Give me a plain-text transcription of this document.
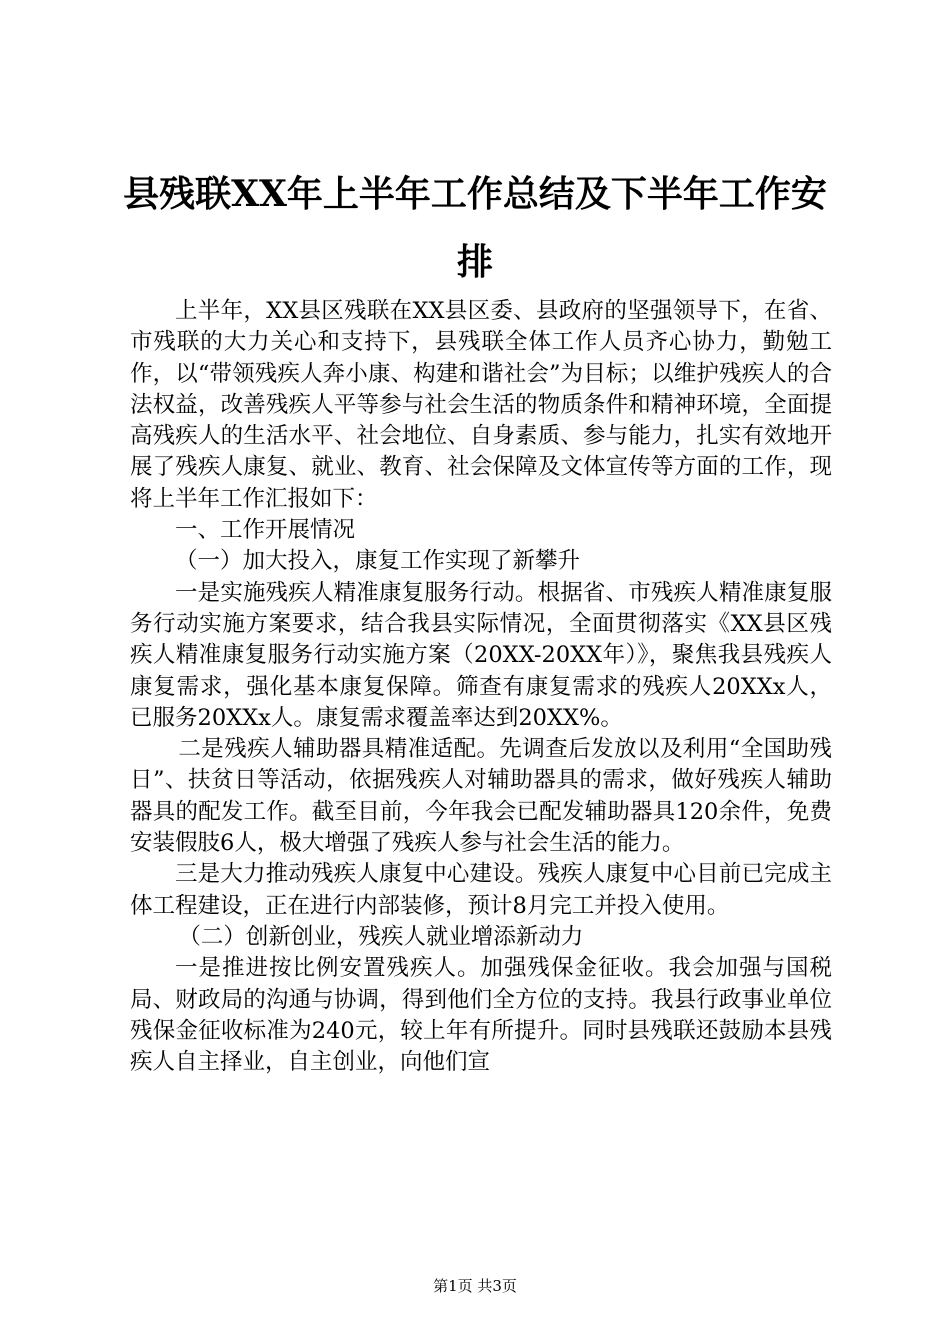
县残联XX年上半年工作总结及下半年工作安排

上半年，XX县区残联在XX县区委、县政府的坚强领导下，在省、市残联的大力关心和支持下，县残联全体工作人员齐心协力，勤勉工作，以“带领残疾人奔小康、构建和谐社会”为目标；以维护残疾人的合法权益，改善残疾人平等参与社会生活的物质条件和精神环境，全面提高残疾人的生活水平、社会地位、自身素质、参与能力，扎实有效地开展了残疾人康复、就业、教育、社会保障及文体宣传等方面的工作，现将上半年工作汇报如下：

一、工作开展情况

（一）加大投入，康复工作实现了新攀升

一是实施残疾人精准康复服务行动。根据省、市残疾人精准康复服务行动实施方案要求，结合我县实际情况，全面贯彻落实《XX县区残疾人精准康复服务行动实施方案（20XX-20XX年）》，聚焦我县残疾人康复需求，强化基本康复保障。筛查有康复需求的残疾人20XXx人，已服务20XXx人。康复需求覆盖率达到20XX%。

二是残疾人辅助器具精准适配。先调查后发放以及利用“全国助残日”、扶贫日等活动，依据残疾人对辅助器具的需求，做好残疾人辅助器具的配发工作。截至目前，今年我会已配发辅助器具120余件，免费安装假肢6人，极大增强了残疾人参与社会生活的能力。

三是大力推动残疾人康复中心建设。残疾人康复中心目前已完成主体工程建设，正在进行内部装修，预计8月完工并投入使用。

（二）创新创业，残疾人就业增添新动力

一是推进按比例安置残疾人。加强残保金征收。我会加强与国税局、财政局的沟通与协调，得到他们全方位的支持。我县行政事业单位残保金征收标准为240元，较上年有所提升。同时县残联还鼓励本县残疾人自主择业，自主创业，向他们宣

第1页 共3页
